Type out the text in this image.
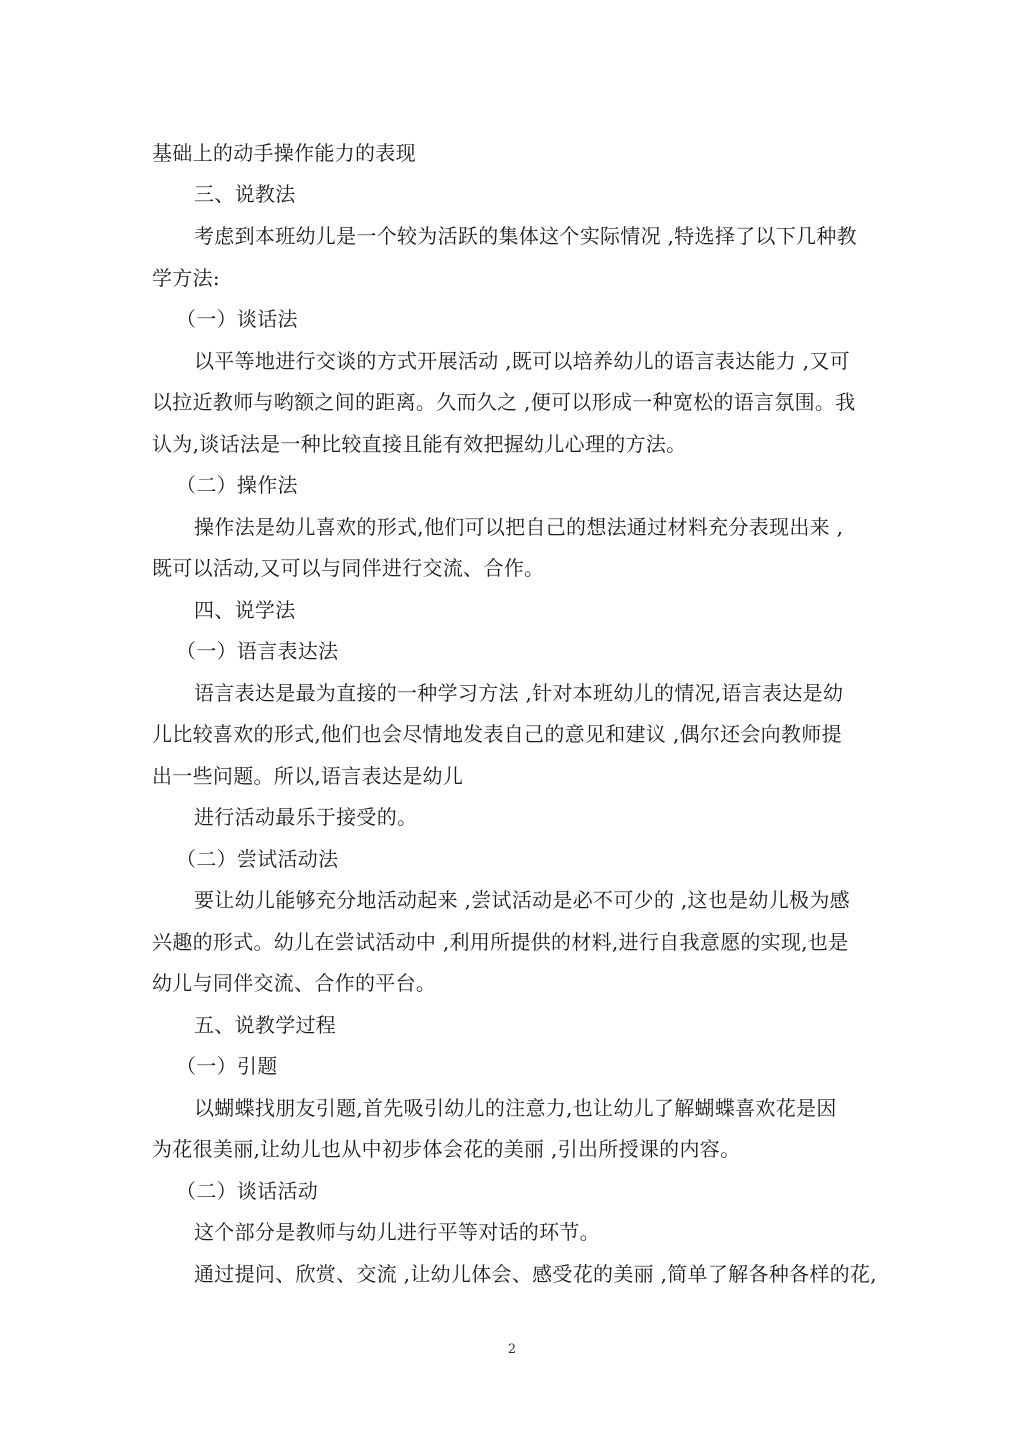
基础上的动手操作能力的表现
三、说教法
考虑到本班幼儿是一个较为活跃的集体这个实际情况 ,特选择了以下几种教
学方法:
（一）谈话法
以平等地进行交谈的方式开展活动 ,既可以培养幼儿的语言表达能力 ,又可
以拉近教师与哟额之间的距离。久而久之 ,便可以形成一种宽松的语言氛围。我
认为,谈话法是一种比较直接且能有效把握幼儿心理的方法。
（二）操作法
操作法是幼儿喜欢的形式,他们可以把自己的想法通过材料充分表现出来 ,
既可以活动,又可以与同伴进行交流、合作。
四、说学法
（一）语言表达法
语言表达是最为直接的一种学习方法 ,针对本班幼儿的情况,语言表达是幼
儿比较喜欢的形式,他们也会尽情地发表自己的意见和建议 ,偶尔还会向教师提
出一些问题。所以,语言表达是幼儿
进行活动最乐于接受的。
（二）尝试活动法
要让幼儿能够充分地活动起来 ,尝试活动是必不可少的 ,这也是幼儿极为感
兴趣的形式。幼儿在尝试活动中 ,利用所提供的材料,进行自我意愿的实现,也是
幼儿与同伴交流、合作的平台。
五、说教学过程
（一）引题
以蝴蝶找朋友引题,首先吸引幼儿的注意力,也让幼儿了解蝴蝶喜欢花是因
为花很美丽,让幼儿也从中初步体会花的美丽 ,引出所授课的内容。
（二）谈话活动
这个部分是教师与幼儿进行平等对话的环节。
通过提问、欣赏、交流 ,让幼儿体会、感受花的美丽 ,简单了解各种各样的花,
2
